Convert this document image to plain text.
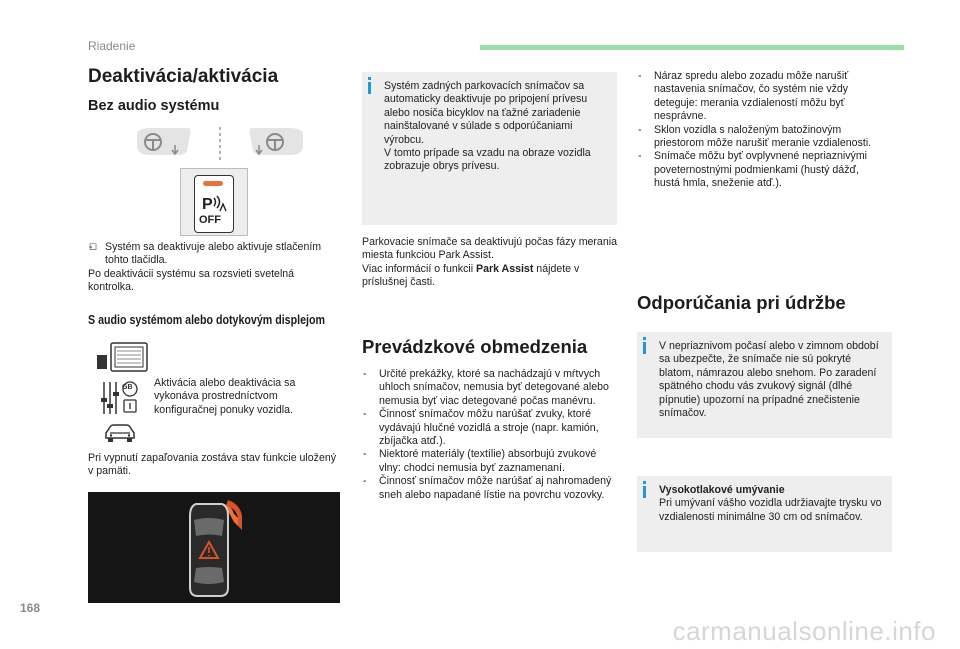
Riadenie
Deaktivácia/aktivácia
Bez audio systému
P
OFF
- ☐ Systém sa deaktivuje alebo aktivuje stlačením tohto tlačidla.
Po deaktivácii systému sa rozsvieti svetelná kontrolka.
S audio systémom alebo dotykovým displejom
GB Aktivácia alebo deaktivácia sa vykonáva prostredníctvom konfiguračnej ponuky vozidla.
Pri vypnutí zapaľovania zostáva stav funkcie uložený v pamäti.
Systém zadných parkovacích snímačov sa automaticky deaktivuje po pripojení prívesu alebo nosiča bicyklov na ťažné zariadenie nainštalované v súlade s odporúčaniami výrobcu.
V tomto prípade sa vzadu na obraze vozidla zobrazuje obrys prívesu.
Parkovacie snímače sa deaktivujú počas fázy merania miesta funkciou Park Assist.
Viac informácií o funkcii Park Assist nájdete v príslušnej časti.
Prevádzkové obmedzenia
- Určité prekážky, ktoré sa nachádzajú v mŕtvych uhloch snímačov, nemusia byť detegované alebo nemusia byť viac detegované počas manévru.
- Činnosť snímačov môžu narúšať zvuky, ktoré vydávajú hlučné vozidlá a stroje (napr. kamión, zbíjačka atď.).
- Niektoré materiály (textílie) absorbujú zvukové vlny: chodci nemusia byť zaznamenaní.
- Činnosť snímačov môže narúšať aj nahromadený sneh alebo napadané lístie na povrchu vozovky.
- Náraz spredu alebo zozadu môže narušiť nastavenia snímačov, čo systém nie vždy deteguje: merania vzdialeností môžu byť nesprávne.
- Sklon vozidla s naloženým batožinovým priestorom môže narušiť meranie vzdialenosti.
- Snímače môžu byť ovplyvnené nepriaznivými poveternostnými podmienkami (hustý dážď, hustá hmla, sneženie atď.).
Odporúčania pri údržbe
V nepriaznivom počasí alebo v zimnom období sa ubezpečte, že snímače nie sú pokryté blatom, námrazou alebo snehom. Po zaradení spätného chodu vás zvukový signál (dlhé pípnutie) upozorní na prípadné znečistenie snímačov.
Vysokotlakové umývanie
Pri umývaní vášho vozidla udržiavajte trysku vo vzdialenosti minimálne 30 cm od snímačov.
168
carmanualsonline.info
